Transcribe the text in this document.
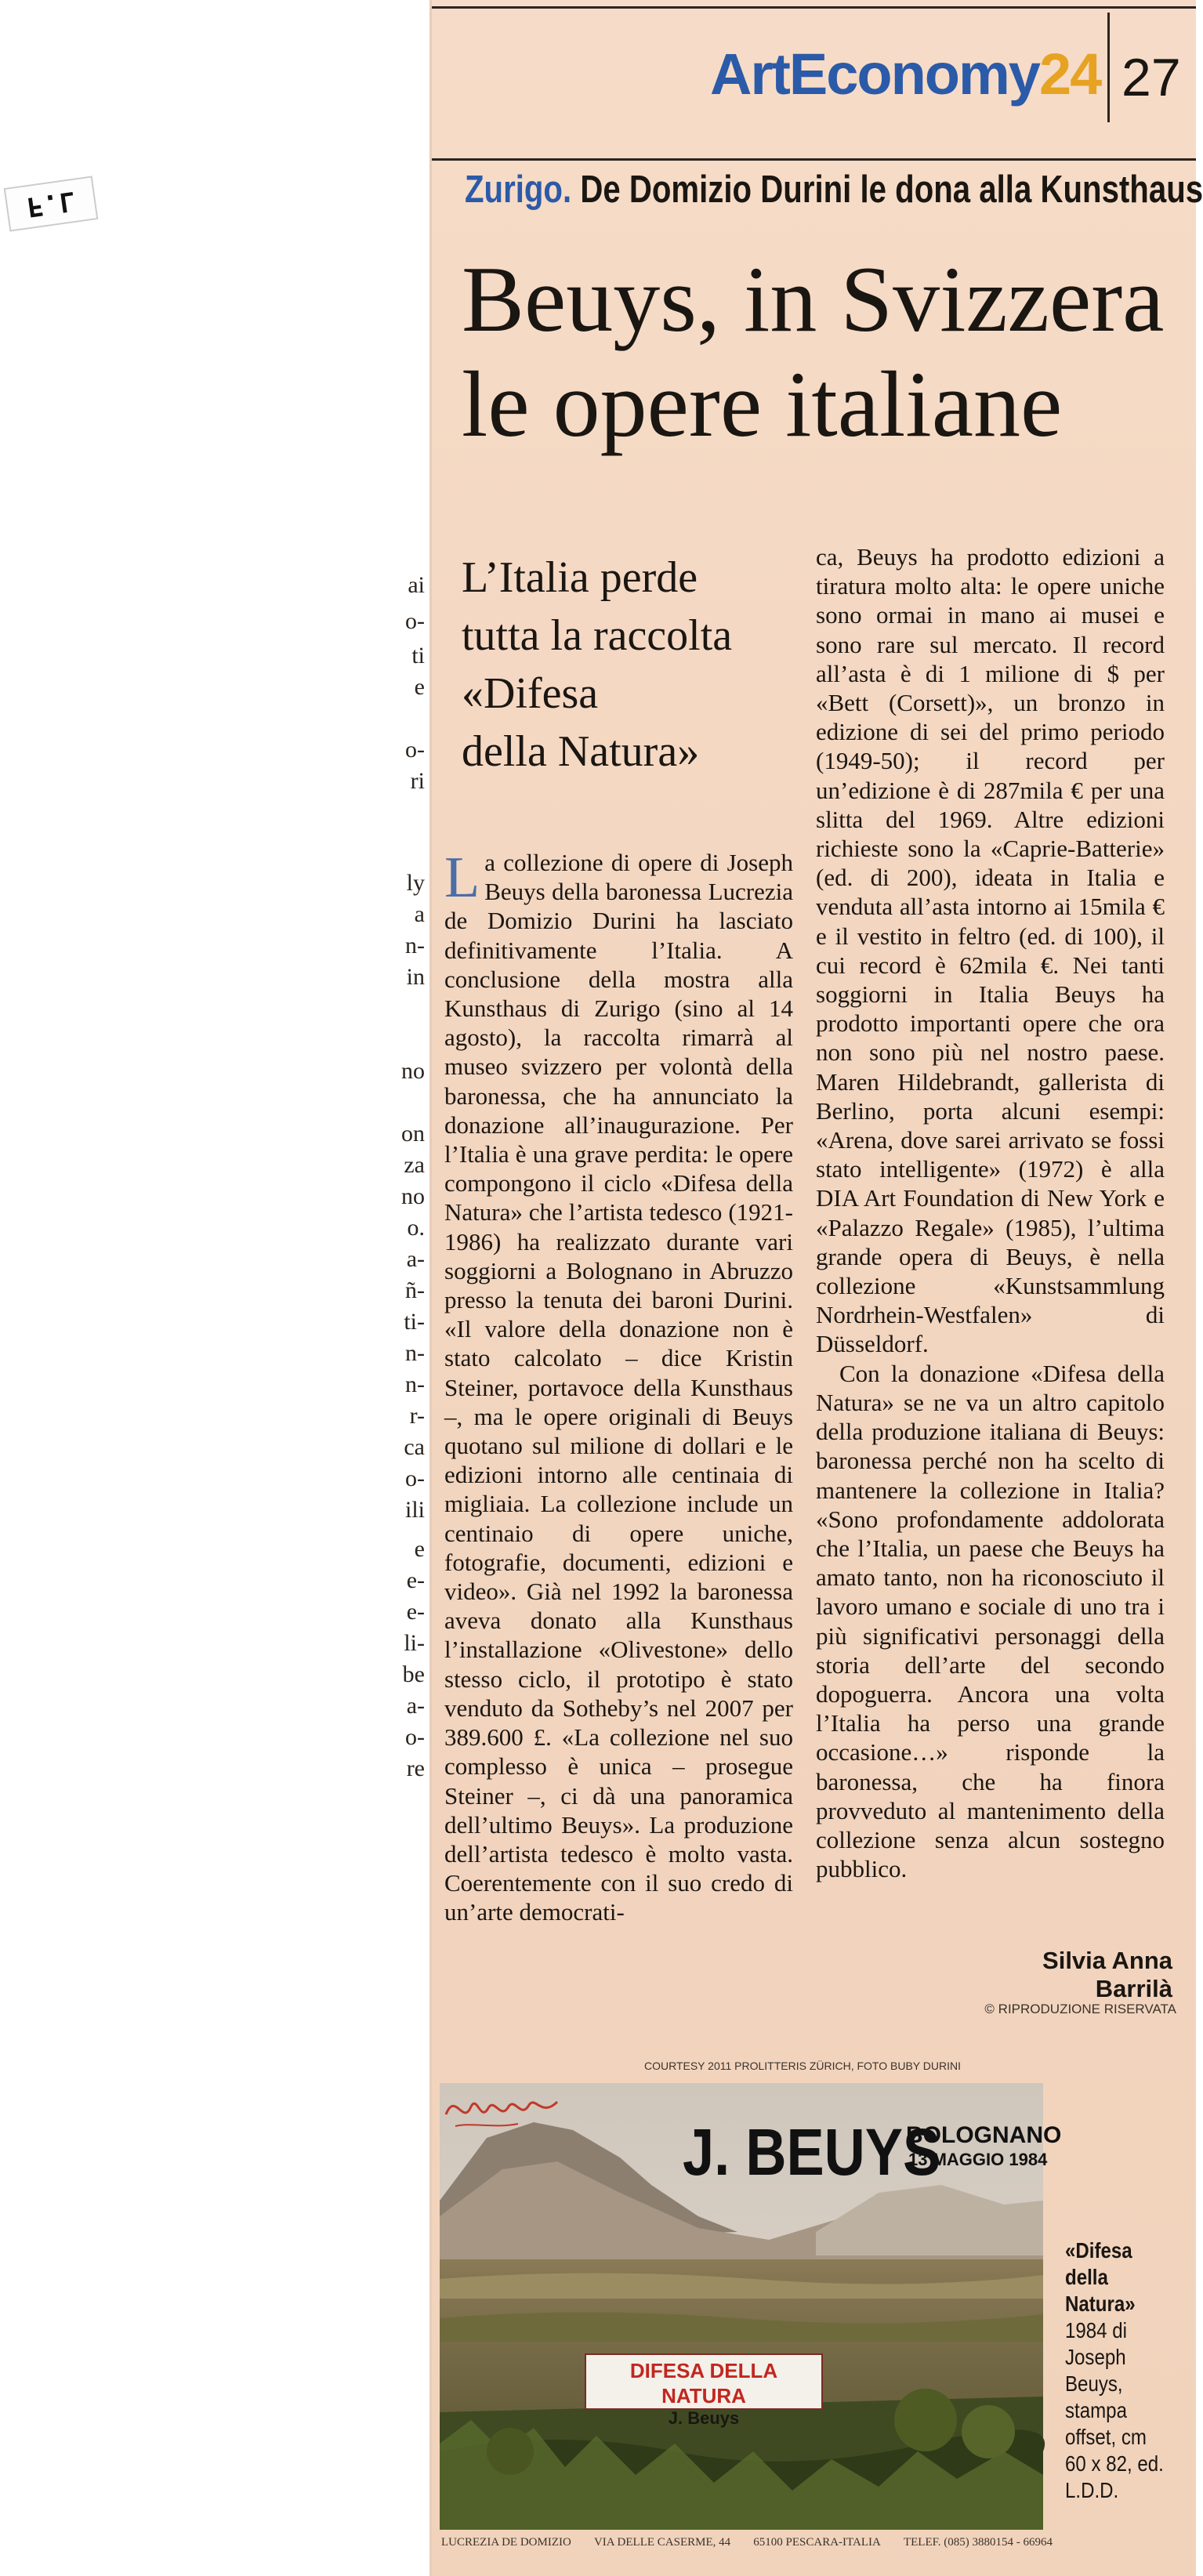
F.L
ai
o-
ti
e
o-
ri
ly
a
n-
in
no
on
za
no
o.
a-
ñ-
ti-
n-
n-
r-
ca
o-
ili
e
e-
e-
li-
be
a-
o-
re
ArtEconomy24 27
Zurigo. De Domizio Durini le dona alla Kunsthaus
Beuys, in Svizzera
le opere italiane
L’Italia perde
tutta la raccolta
«Difesa
della Natura»

La collezione di opere di Joseph Beuys della baronessa Lucrezia de Domizio Durini ha lasciato definitivamente l’Italia. A conclusione della mostra alla Kunsthaus di Zurigo (sino al 14 agosto), la raccolta rimarrà al museo svizzero per volontà della baronessa, che ha annunciato la donazione all’inaugurazione. Per l’Italia è una grave perdita: le opere compongono il ciclo «Difesa della Natura» che l’artista tedesco (1921-1986) ha realizzato durante vari soggiorni a Bolognano in Abruzzo presso la tenuta dei baroni Durini. «Il valore della donazione non è stato calcolato – dice Kristin Steiner, portavoce della Kunsthaus –, ma le opere originali di Beuys quotano sul milione di dollari e le edizioni intorno alle centinaia di migliaia. La collezione include un centinaio di opere uniche, fotografie, documenti, edizioni e video». Già nel 1992 la baronessa aveva donato alla Kunsthaus l’installazione «Olivestone» dello stesso ciclo, il prototipo è stato venduto da Sotheby’s nel 2007 per 389.600 £. «La collezione nel suo complesso è unica – prosegue Steiner –, ci dà una panoramica dell’ultimo Beuys». La produzione dell’artista tedesco è molto vasta. Coerentemente con il suo credo di un’arte democrati-

ca, Beuys ha prodotto edizioni a tiratura molto alta: le opere uniche sono ormai in mano ai musei e sono rare sul mercato. Il record all’asta è di 1 milione di $ per «Bett (Corsett)», un bronzo in edizione di sei del primo periodo (1949-50); il record per un’edizione è di 287mila € per una slitta del 1969. Altre edizioni richieste sono la «Caprie-Batterie» (ed. di 200), ideata in Italia e venduta all’asta intorno ai 15mila € e il vestito in feltro (ed. di 100), il cui record è 62mila €. Nei tanti soggiorni in Italia Beuys ha prodotto importanti opere che ora non sono più nel nostro paese. Maren Hildebrandt, gallerista di Berlino, porta alcuni esempi: «Arena, dove sarei arrivato se fossi stato intelligente» (1972) è alla DIA Art Foundation di New York e «Palazzo Regale» (1985), l’ultima grande opera di Beuys, è nella collezione «Kunstsammlung Nordrhein-Westfalen» di Düsseldorf.

Con la donazione «Difesa della Natura» se ne va un altro capitolo della produzione italiana di Beuys: baronessa perché non ha scelto di mantenere la collezione in Italia? «Sono profondamente addolorata che l’Italia, un paese che Beuys ha amato tanto, non ha riconosciuto il lavoro umano e sociale di uno tra i più significativi personaggi della storia dell’arte del secondo dopoguerra. Ancora una volta l’Italia ha perso una grande occasione…» risponde la baronessa, che ha finora provveduto al mantenimento della collezione senza alcun sostegno pubblico.

Silvia Anna Barrilà
© RIPRODUZIONE RISERVATA
COURTESY 2011 PROLITTERIS ZÜRICH, FOTO BUBY DURINI
J. BEUYS
BOLOGNANO
13 MAGGIO 1984
DIFESA DELLA NATURA
J. Beuys
LUCREZIA DE DOMIZIO VIA DELLE CASERME, 44 65100 PESCARA-ITALIA TELEF. (085) 3880154 - 66964
«Difesa della Natura»
1984 di Joseph Beuys, stampa offset, cm 60 x 82, ed. L.D.D.
